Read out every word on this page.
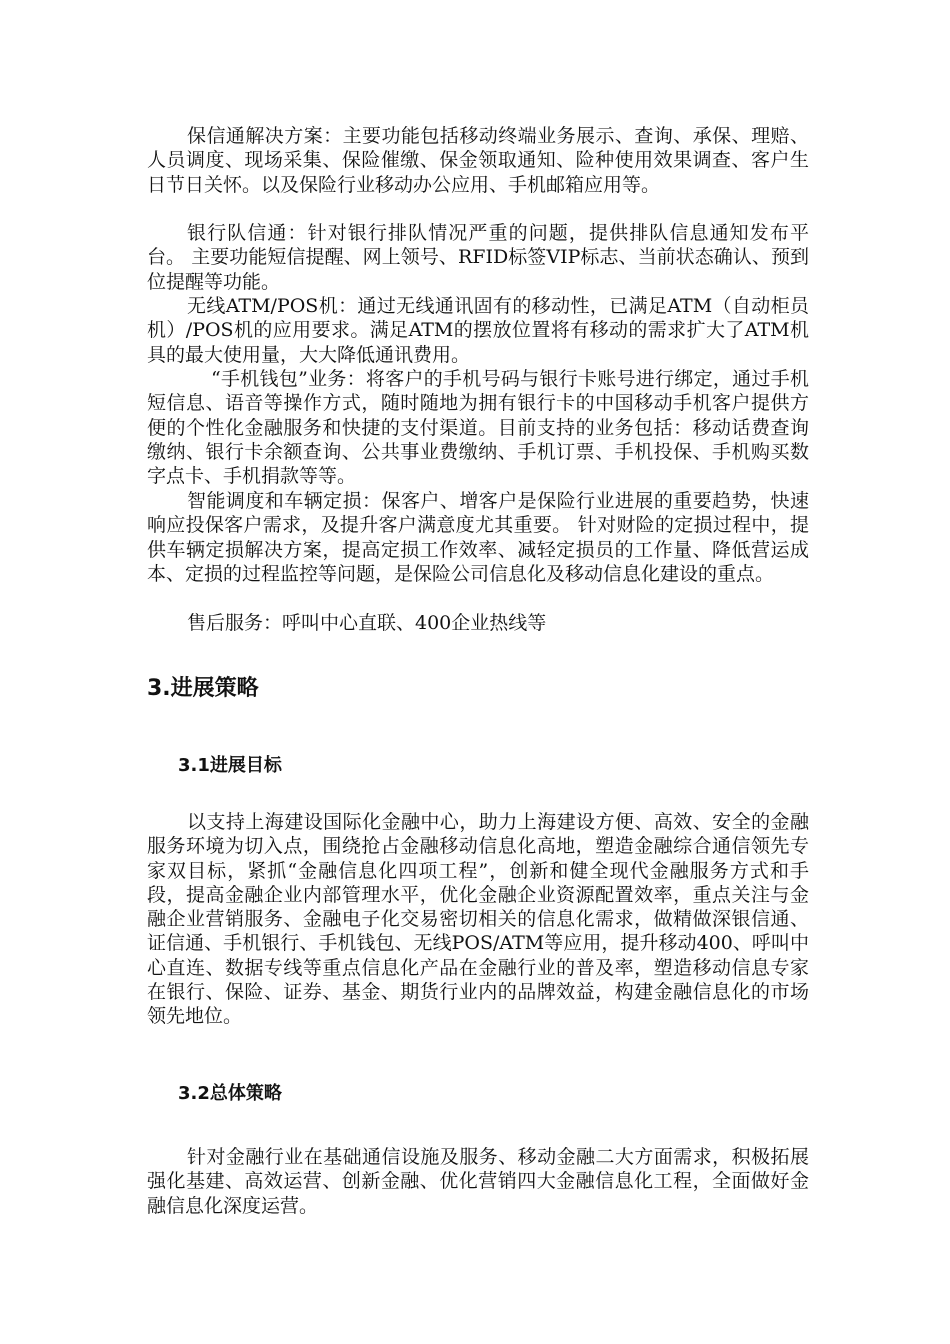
保信通解决方案：主要功能包括移动终端业务展示、查询、承保、理赔、人员调度、现场采集、保险催缴、保金领取通知、险种使用效果调查、客户生日节日关怀。以及保险行业移动办公应用、手机邮箱应用等。

银行队信通：针对银行排队情况严重的问题，提供排队信息通知发布平台。 主要功能短信提醒、网上领号、RFID标签VIP标志、当前状态确认、预到位提醒等功能。

无线ATM/POS机：通过无线通讯固有的移动性，已满足ATM（自动柜员机）/POS机的应用要求。满足ATM的摆放位置将有移动的需求扩大了ATM机具的最大使用量，大大降低通讯费用。

“手机钱包”业务：将客户的手机号码与银行卡账号进行绑定，通过手机短信息、语音等操作方式，随时随地为拥有银行卡的中国移动手机客户提供方便的个性化金融服务和快捷的支付渠道。目前支持的业务包括：移动话费查询缴纳、银行卡余额查询、公共事业费缴纳、手机订票、手机投保、手机购买数字点卡、手机捐款等等。

智能调度和车辆定损：保客户、增客户是保险行业进展的重要趋势，快速响应投保客户需求，及提升客户满意度尤其重要。 针对财险的定损过程中，提供车辆定损解决方案，提高定损工作效率、减轻定损员的工作量、降低营运成本、定损的过程监控等问题，是保险公司信息化及移动信息化建设的重点。

售后服务：呼叫中心直联、400企业热线等

3.进展策略
3.1进展目标

以支持上海建设国际化金融中心，助力上海建设方便、高效、安全的金融服务环境为切入点，围绕抢占金融移动信息化高地，塑造金融综合通信领先专家双目标，紧抓“金融信息化四项工程”，创新和健全现代金融服务方式和手段，提高金融企业内部管理水平，优化金融企业资源配置效率，重点关注与金融企业营销服务、金融电子化交易密切相关的信息化需求，做精做深银信通、证信通、手机银行、手机钱包、无线POS/ATM等应用，提升移动400、呼叫中心直连、数据专线等重点信息化产品在金融行业的普及率，塑造移动信息专家在银行、保险、证券、基金、期货行业内的品牌效益，构建金融信息化的市场领先地位。

3.2总体策略

针对金融行业在基础通信设施及服务、移动金融二大方面需求，积极拓展强化基建、高效运营、创新金融、优化营销四大金融信息化工程，全面做好金融信息化深度运营。
